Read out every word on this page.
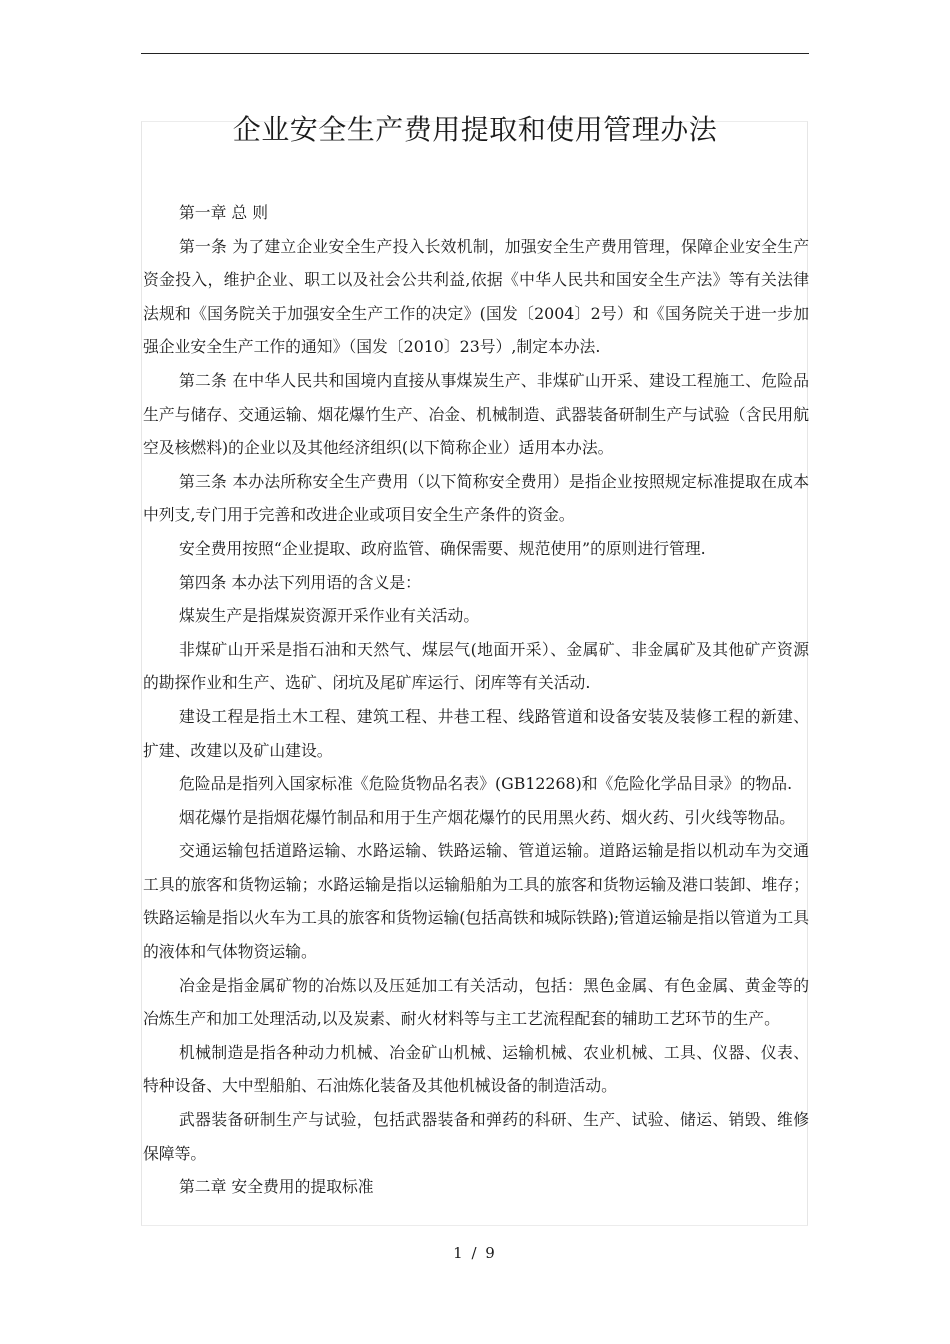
企业安全生产费用提取和使用管理办法

第一章 总 则

第一条 为了建立企业安全生产投入长效机制，加强安全生产费用管理，保障企业安全生产资金投入，维护企业、职工以及社会公共利益,依据《中华人民共和国安全生产法》等有关法律法规和《国务院关于加强安全生产工作的决定》(国发〔2004〕2号）和《国务院关于进一步加强企业安全生产工作的通知》（国发〔2010〕23号）,制定本办法.

第二条 在中华人民共和国境内直接从事煤炭生产、非煤矿山开采、建设工程施工、危险品生产与储存、交通运输、烟花爆竹生产、冶金、机械制造、武器装备研制生产与试验（含民用航空及核燃料)的企业以及其他经济组织(以下简称企业）适用本办法。

第三条 本办法所称安全生产费用（以下简称安全费用）是指企业按照规定标准提取在成本中列支,专门用于完善和改进企业或项目安全生产条件的资金。

安全费用按照“企业提取、政府监管、确保需要、规范使用”的原则进行管理.

第四条 本办法下列用语的含义是：

煤炭生产是指煤炭资源开采作业有关活动。

非煤矿山开采是指石油和天然气、煤层气(地面开采）、金属矿、非金属矿及其他矿产资源的勘探作业和生产、选矿、闭坑及尾矿库运行、闭库等有关活动.

建设工程是指土木工程、建筑工程、井巷工程、线路管道和设备安装及装修工程的新建、扩建、改建以及矿山建设。

危险品是指列入国家标准《危险货物品名表》(GB12268)和《危险化学品目录》的物品.

烟花爆竹是指烟花爆竹制品和用于生产烟花爆竹的民用黑火药、烟火药、引火线等物品。

交通运输包括道路运输、水路运输、铁路运输、管道运输。道路运输是指以机动车为交通工具的旅客和货物运输；水路运输是指以运输船舶为工具的旅客和货物运输及港口装卸、堆存；铁路运输是指以火车为工具的旅客和货物运输(包括高铁和城际铁路);管道运输是指以管道为工具的液体和气体物资运输。

冶金是指金属矿物的冶炼以及压延加工有关活动，包括：黑色金属、有色金属、黄金等的冶炼生产和加工处理活动,以及炭素、耐火材料等与主工艺流程配套的辅助工艺环节的生产。

机械制造是指各种动力机械、冶金矿山机械、运输机械、农业机械、工具、仪器、仪表、特种设备、大中型船舶、石油炼化装备及其他机械设备的制造活动。

武器装备研制生产与试验，包括武器装备和弹药的科研、生产、试验、储运、销毁、维修保障等。

第二章 安全费用的提取标准

1 / 9
